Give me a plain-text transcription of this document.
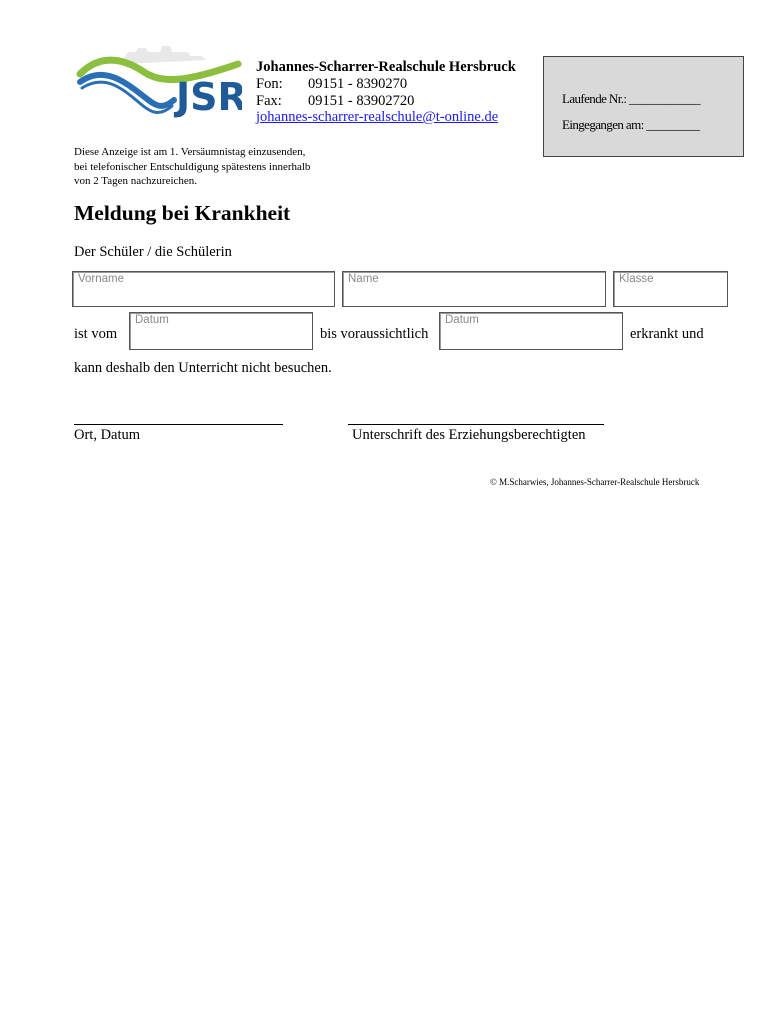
JSR
Johannes-Scharrer-Realschule Hersbruck
Fon: 09151 - 8390270
Fax: 09151 - 83902720
johannes-scharrer-realschule@t-online.de
Laufende Nr.: ____________
Eingegangen am: _________
Diese Anzeige ist am 1. Versäumnistag einzusenden,
bei telefonischer Entschuldigung spätestens innerhalb
von 2 Tagen nachzureichen.
Meldung bei Krankheit
Der Schüler / die Schülerin
Vorname	Name	Klasse
ist vom
Datum
bis voraussichtlich
Datum
erkrankt und
kann deshalb den Unterricht nicht besuchen.
Ort, Datum	Unterschrift des Erziehungsberechtigten
© M.Scharwies, Johannes-Scharrer-Realschule Hersbruck
